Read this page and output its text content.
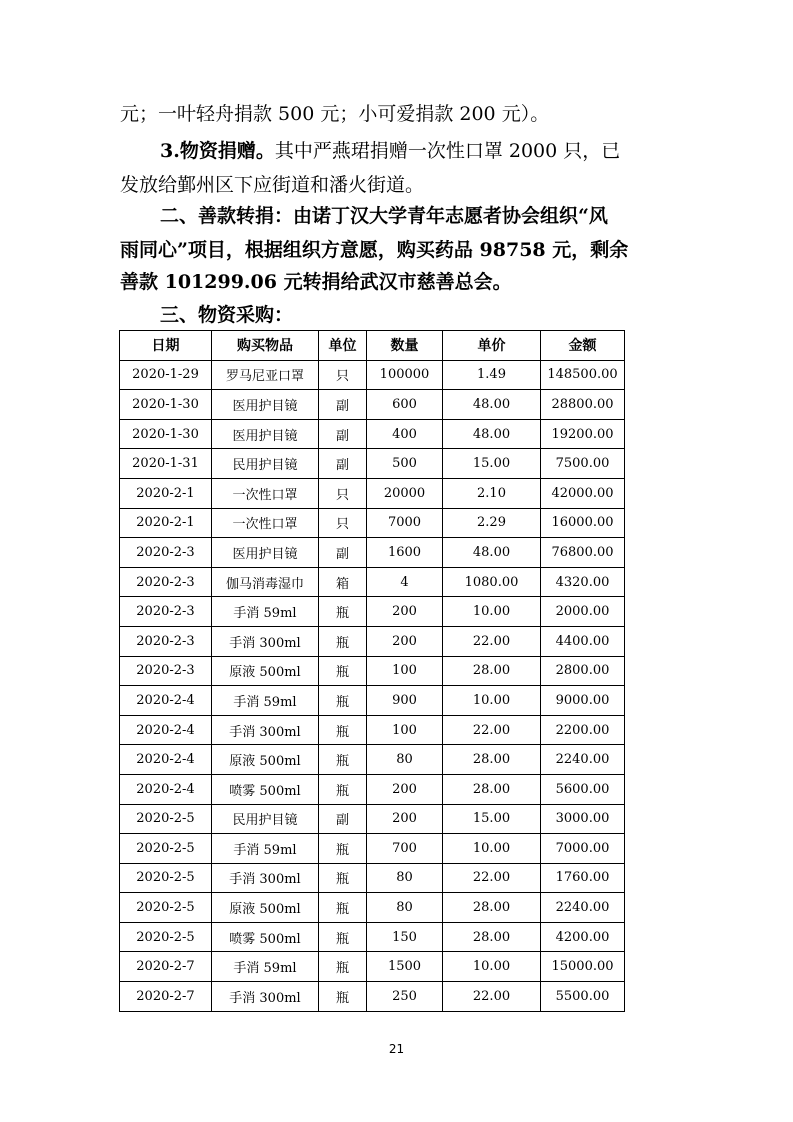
元；一叶轻舟捐款 500 元；小可爱捐款 200 元）。
3.物资捐赠。其中严燕珺捐赠一次性口罩 2000 只，已
发放给鄞州区下应街道和潘火街道。
二、善款转捐：由诺丁汉大学青年志愿者协会组织“风
雨同心”项目，根据组织方意愿，购买药品 98758 元，剩余
善款 101299.06 元转捐给武汉市慈善总会。
三、物资采购：
日期	购买物品	单位	数量	单价	金额
2020-1-29	罗马尼亚口罩	只	100000	1.49	148500.00
2020-1-30	医用护目镜	副	600	48.00	28800.00
2020-1-30	医用护目镜	副	400	48.00	19200.00
2020-1-31	民用护目镜	副	500	15.00	7500.00
2020-2-1	一次性口罩	只	20000	2.10	42000.00
2020-2-1	一次性口罩	只	7000	2.29	16000.00
2020-2-3	医用护目镜	副	1600	48.00	76800.00
2020-2-3	伽马消毒湿巾	箱	4	1080.00	4320.00
2020-2-3	手消 59ml	瓶	200	10.00	2000.00
2020-2-3	手消 300ml	瓶	200	22.00	4400.00
2020-2-3	原液 500ml	瓶	100	28.00	2800.00
2020-2-4	手消 59ml	瓶	900	10.00	9000.00
2020-2-4	手消 300ml	瓶	100	22.00	2200.00
2020-2-4	原液 500ml	瓶	80	28.00	2240.00
2020-2-4	喷雾 500ml	瓶	200	28.00	5600.00
2020-2-5	民用护目镜	副	200	15.00	3000.00
2020-2-5	手消 59ml	瓶	700	10.00	7000.00
2020-2-5	手消 300ml	瓶	80	22.00	1760.00
2020-2-5	原液 500ml	瓶	80	28.00	2240.00
2020-2-5	喷雾 500ml	瓶	150	28.00	4200.00
2020-2-7	手消 59ml	瓶	1500	10.00	15000.00
2020-2-7	手消 300ml	瓶	250	22.00	5500.00
21
